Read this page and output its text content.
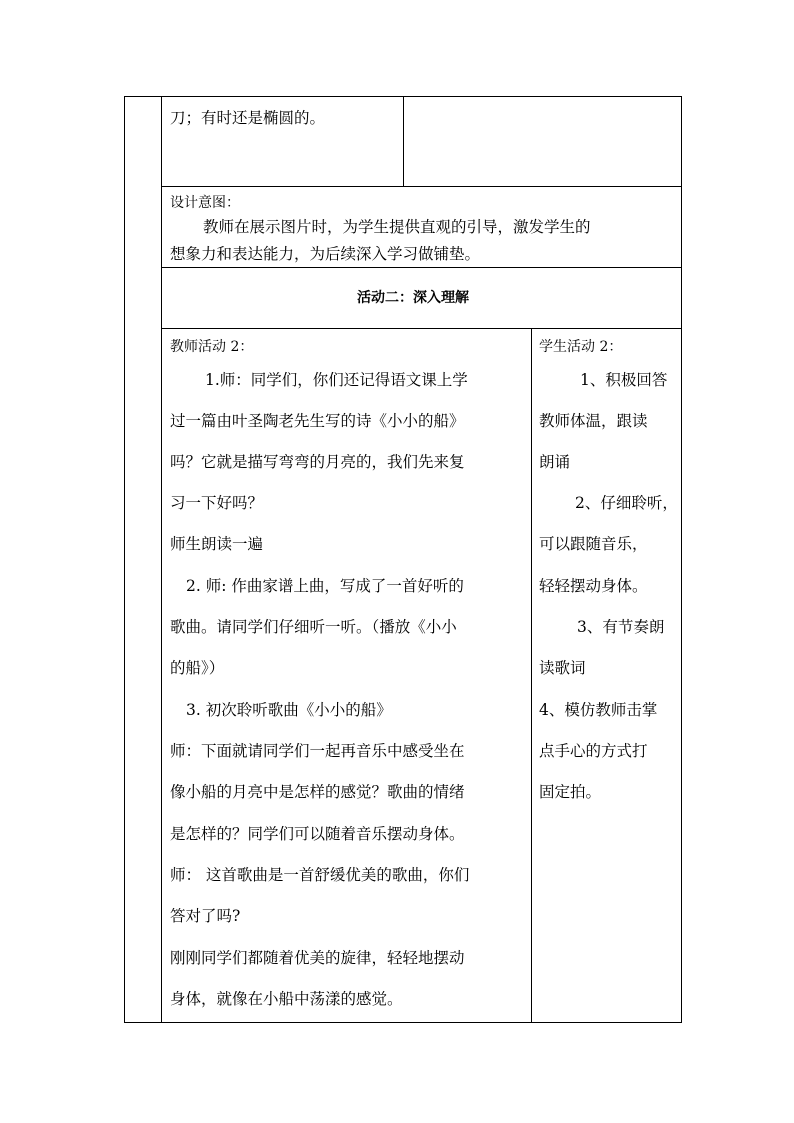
刀；有时还是椭圆的。
设计意图：
教师在展示图片时，为学生提供直观的引导，激发学生的
想象力和表达能力，为后续深入学习做铺垫。
活动二：深入理解
教师活动 2：
1.师：同学们，你们还记得语文课上学
过一篇由叶圣陶老先生写的诗《小小的船》
吗？它就是描写弯弯的月亮的，我们先来复
习一下好吗？
师生朗读一遍
2. 师: 作曲家谱上曲，写成了一首好听的
歌曲。请同学们仔细听一听。（播放《小小
的船》）
3. 初次聆听歌曲《小小的船》
师：下面就请同学们一起再音乐中感受坐在
像小船的月亮中是怎样的感觉？歌曲的情绪
是怎样的？同学们可以随着音乐摆动身体。
师： 这首歌曲是一首舒缓优美的歌曲，你们
答对了吗?
刚刚同学们都随着优美的旋律，轻轻地摆动
身体，就像在小船中荡漾的感觉。
学生活动 2：
1、积极回答
教师体温，跟读
朗诵
2、仔细聆听，
可以跟随音乐，
轻轻摆动身体。
3、有节奏朗
读歌词
4、模仿教师击掌
点手心的方式打
固定拍。
